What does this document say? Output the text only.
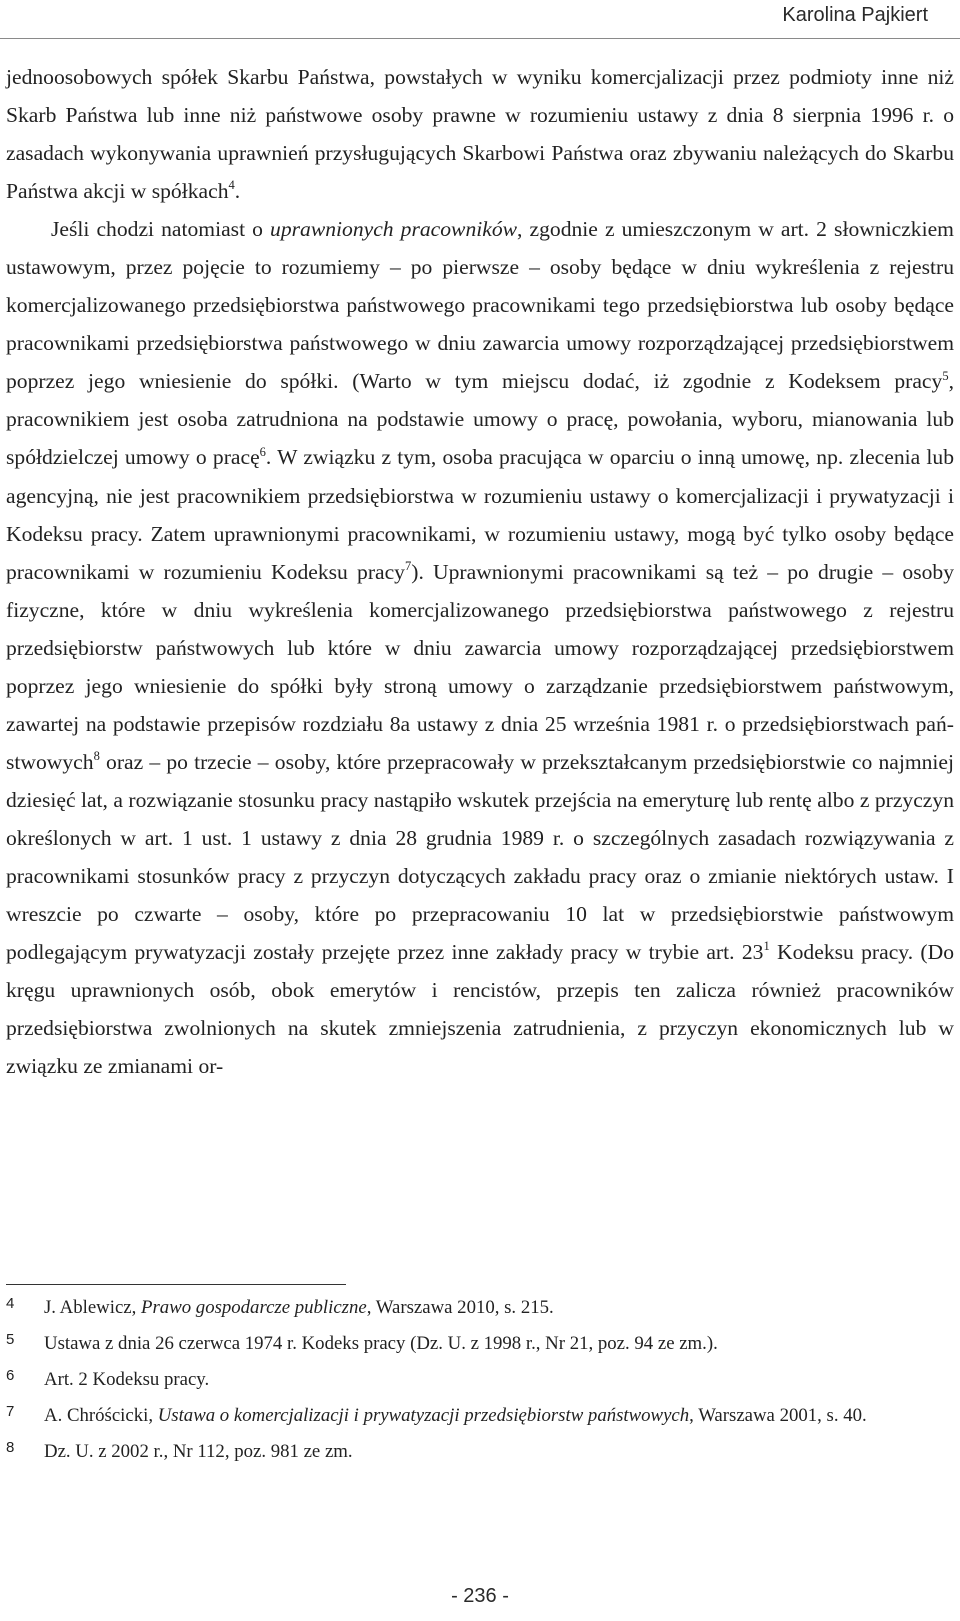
Karolina Pajkiert

jednoosobowych spółek Skarbu Państwa, powstałych w wyniku komercjalizacji przez podmioty inne niż Skarb Państwa lub inne niż państwowe osoby prawne w rozumieniu ustawy z dnia 8 sierpnia 1996 r. o zasadach wykonywania uprawnień przysługujących Skarbowi Państwa oraz zbywaniu należących do Skarbu Państwa akcji w spółkach$^4$.

Jeśli chodzi natomiast o uprawnionych pracowników, zgodnie z umieszczonym w art. 2 słowniczkiem ustawowym, przez pojęcie to rozumiemy – po pierwsze – osoby będące w dniu wykreślenia z rejestru komercjalizowanego przedsiębiorstwa państwowego pracownikami tego przedsiębiorstwa lub osoby będące pracownikami przedsiębiorstwa państwowego w dniu zawarcia umowy rozporządzającej przedsiębiorstwem poprzez jego wniesienie do spółki. (Warto w tym miejscu dodać, iż zgodnie z Kodeksem pracy$^5$, pracownikiem jest osoba zatrudniona na podstawie umowy o pracę, powołania, wyboru, mianowania lub spółdzielczej umowy o pracę$^6$. W związku z tym, osoba pracująca w oparciu o inną umowę, np. zlecenia lub agencyjną, nie jest pracownikiem przedsiębiorstwa w rozumieniu ustawy o komercjalizacji i prywatyzacji i Kodeksu pracy. Zatem uprawnionymi pracownikami, w rozumieniu ustawy, mogą być tylko osoby będące pracownikami w rozumieniu Kodeksu pracy$^7$). Uprawnionymi pracownikami są też – po drugie – osoby fizyczne, które w dniu wykreślenia komercjalizowanego przedsiębiorstwa państwowego z rejestru przedsiębiorstw państwowych lub które w dniu zawarcia umowy rozporządzającej przedsiębiorstwem poprzez jego wniesienie do spółki były stroną umowy o zarządzanie przedsiębiorstwem państwowym, zawartej na podstawie przepisów rozdziału 8a ustawy z dnia 25 września 1981 r. o przedsiębiorstwach państwowych$^8$ oraz – po trzecie – osoby, które przepracowały w przekształcanym przedsiębiorstwie co najmniej dziesięć lat, a rozwiązanie stosunku pracy nastąpiło wskutek przejścia na emeryturę lub rentę albo z przyczyn określonych w art. 1 ust. 1 ustawy z dnia 28 grudnia 1989 r. o szczególnych zasadach rozwiązywania z pracownikami stosunków pracy z przyczyn dotyczących zakładu pracy oraz o zmianie niektórych ustaw. I wreszcie po czwarte – osoby, które po przepracowaniu 10 lat w przedsiębiorstwie państwowym podlegającym prywatyzacji zostały przejęte przez inne zakłady pracy w trybie art. $23^1$ Kodeksu pracy. (Do kręgu uprawnionych osób, obok emerytów i rencistów, przepis ten zalicza również pracowników przedsiębiorstwa zwolnionych na skutek zmniejszenia zatrudnienia, z przyczyn ekonomicznych lub w związku ze zmianami or-

4 J. Ablewicz, Prawo gospodarcze publiczne, Warszawa 2010, s. 215.
5 Ustawa z dnia 26 czerwca 1974 r. Kodeks pracy (Dz. U. z 1998 r., Nr 21, poz. 94 ze zm.).
6 Art. 2 Kodeksu pracy.
7 A. Chróścicki, Ustawa o komercjalizacji i prywatyzacji przedsiębiorstw państwowych, Warszawa 2001, s. 40.
8 Dz. U. z 2002 r., Nr 112, poz. 981 ze zm.
- 236 -
